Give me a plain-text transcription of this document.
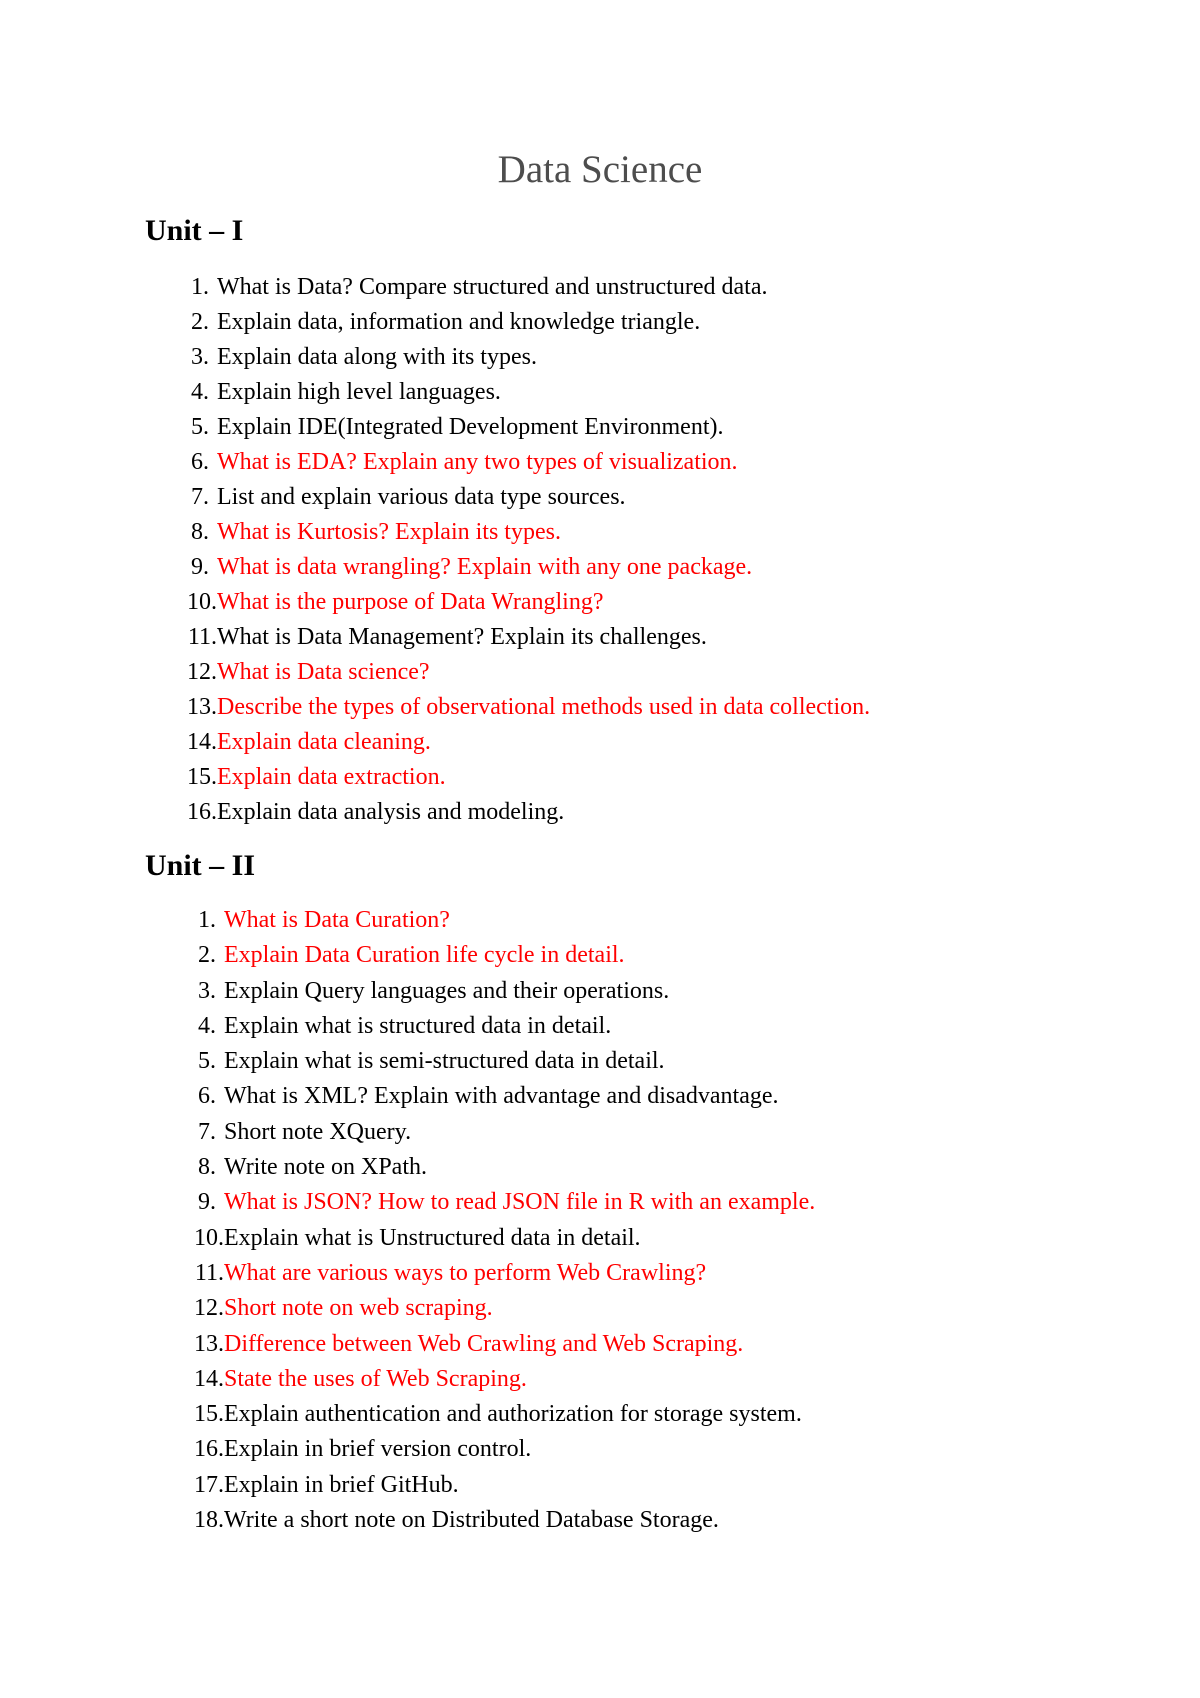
Data Science
Unit – I
1. What is Data? Compare structured and unstructured data.
2. Explain data, information and knowledge triangle.
3. Explain data along with its types.
4. Explain high level languages.
5. Explain IDE(Integrated Development Environment).
6. What is EDA? Explain any two types of visualization.
7. List and explain various data type sources.
8. What is Kurtosis? Explain its types.
9. What is data wrangling? Explain with any one package.
10.What is the purpose of Data Wrangling?
11.What is Data Management? Explain its challenges.
12.What is Data science?
13.Describe the types of observational methods used in data collection.
14.Explain data cleaning.
15.Explain data extraction.
16.Explain data analysis and modeling.
Unit – II
1. What is Data Curation?
2. Explain Data Curation life cycle in detail.
3. Explain Query languages and their operations.
4. Explain what is structured data in detail.
5. Explain what is semi-structured data in detail.
6. What is XML? Explain with advantage and disadvantage.
7. Short note XQuery.
8. Write note on XPath.
9. What is JSON? How to read JSON file in R with an example.
10.Explain what is Unstructured data in detail.
11.What are various ways to perform Web Crawling?
12.Short note on web scraping.
13.Difference between Web Crawling and Web Scraping.
14.State the uses of Web Scraping.
15.Explain authentication and authorization for storage system.
16.Explain in brief version control.
17.Explain in brief GitHub.
18.Write a short note on Distributed Database Storage.
